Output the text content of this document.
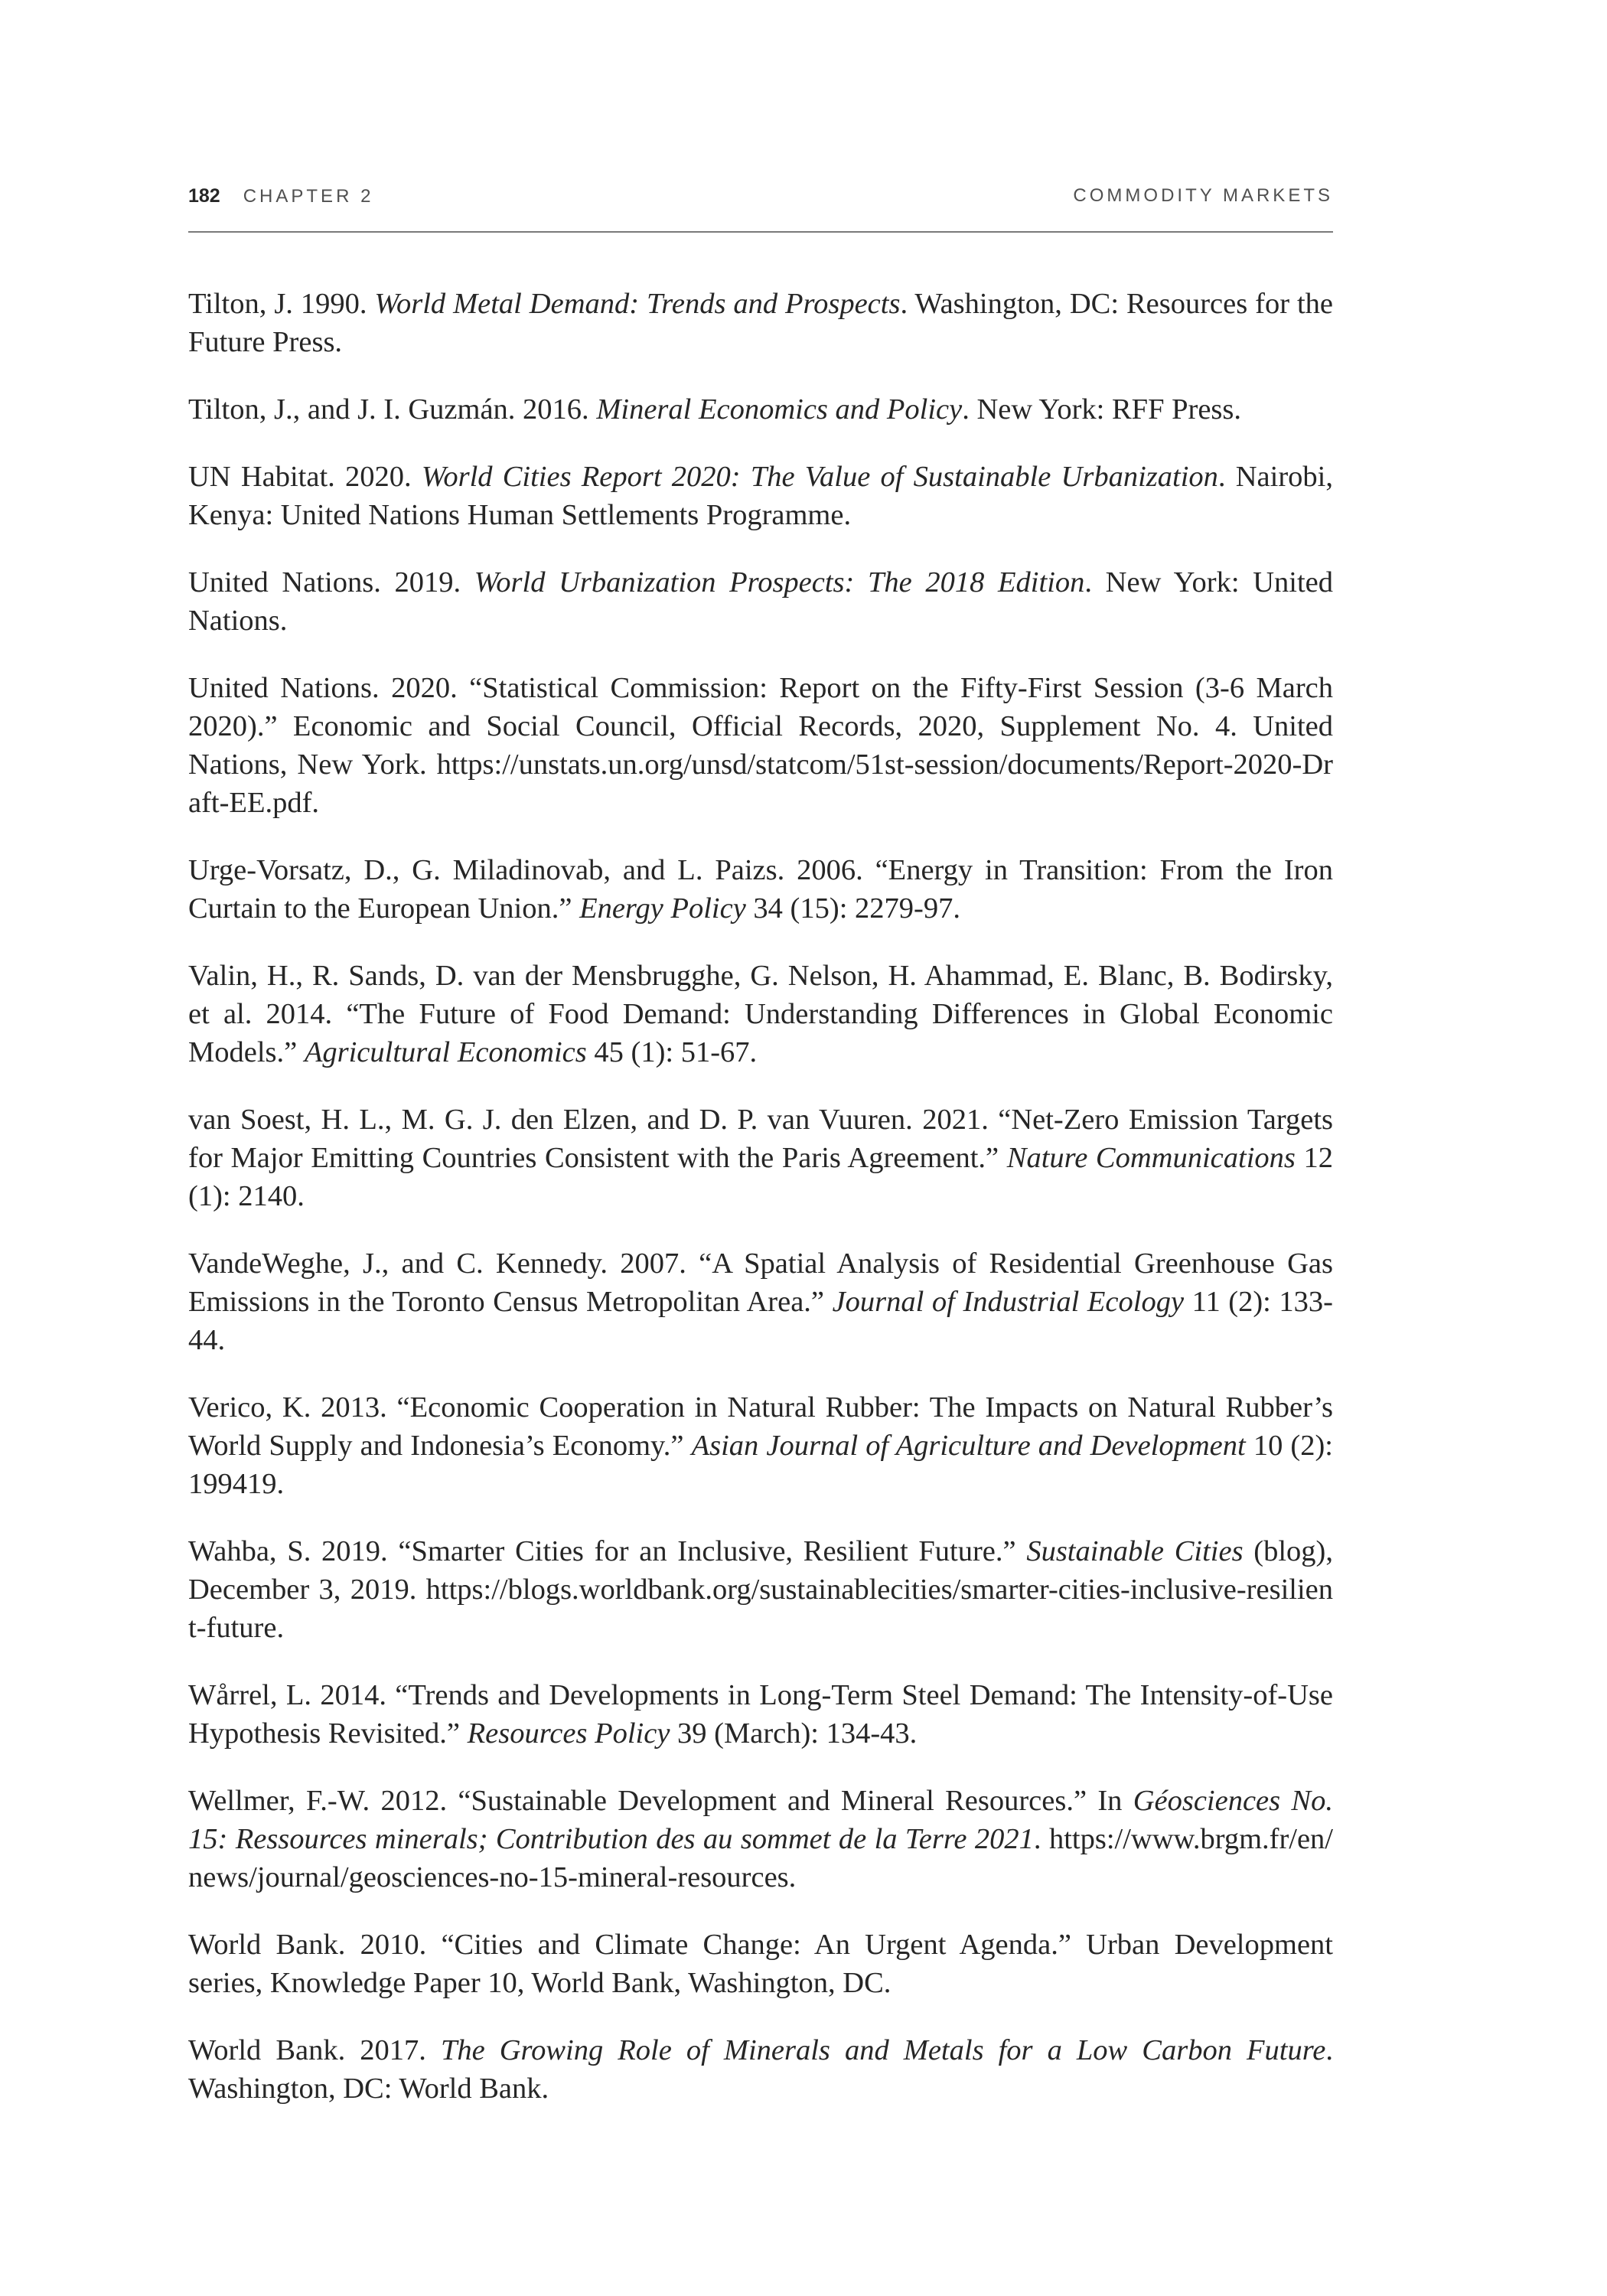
182 CHAPTER 2	COMMODITY MARKETS

Tilton, J. 1990. World Metal Demand: Trends and Prospects. Washington, DC: Resources for the Future Press.

Tilton, J., and J. I. Guzmán. 2016. Mineral Economics and Policy. New York: RFF Press.

UN Habitat. 2020. World Cities Report 2020: The Value of Sustainable Urbanization. Nairobi, Kenya: United Nations Human Settlements Programme.

United Nations. 2019. World Urbanization Prospects: The 2018 Edition. New York: United Nations.

United Nations. 2020. “Statistical Commission: Report on the Fifty-First Session (3-6 March 2020).” Economic and Social Council, Official Records, 2020, Supplement No. 4. United Nations, New York. https://unstats.un.org/unsd/statcom/51st-session/documents/Report-2020-Draft-EE.pdf.

Urge-Vorsatz, D., G. Miladinovab, and L. Paizs. 2006. “Energy in Transition: From the Iron Curtain to the European Union.” Energy Policy 34 (15): 2279-97.

Valin, H., R. Sands, D. van der Mensbrugghe, G. Nelson, H. Ahammad, E. Blanc, B. Bodirsky, et al. 2014. “The Future of Food Demand: Understanding Differences in Global Economic Models.” Agricultural Economics 45 (1): 51-67.

van Soest, H. L., M. G. J. den Elzen, and D. P. van Vuuren. 2021. “Net-Zero Emission Targets for Major Emitting Countries Consistent with the Paris Agreement.” Nature Communications 12 (1): 2140.

VandeWeghe, J., and C. Kennedy. 2007. “A Spatial Analysis of Residential Greenhouse Gas Emissions in the Toronto Census Metropolitan Area.” Journal of Industrial Ecology 11 (2): 133-44.

Verico, K. 2013. “Economic Cooperation in Natural Rubber: The Impacts on Natural Rubber’s World Supply and Indonesia’s Economy.” Asian Journal of Agriculture and Development 10 (2): 199419.

Wahba, S. 2019. “Smarter Cities for an Inclusive, Resilient Future.” Sustainable Cities (blog), December 3, 2019. https://blogs.worldbank.org/sustainablecities/smarter-cities-inclusive-resilient-future.

Wårrel, L. 2014. “Trends and Developments in Long-Term Steel Demand: The Intensity-of-Use Hypothesis Revisited.” Resources Policy 39 (March): 134-43.

Wellmer, F.-W. 2012. “Sustainable Development and Mineral Resources.” In Géosciences No. 15: Ressources minerals; Contribution des au sommet de la Terre 2021. https://www.brgm.fr/en/news/journal/geosciences-no-15-mineral-resources.

World Bank. 2010. “Cities and Climate Change: An Urgent Agenda.” Urban Development series, Knowledge Paper 10, World Bank, Washington, DC.

World Bank. 2017. The Growing Role of Minerals and Metals for a Low Carbon Future. Washington, DC: World Bank.
